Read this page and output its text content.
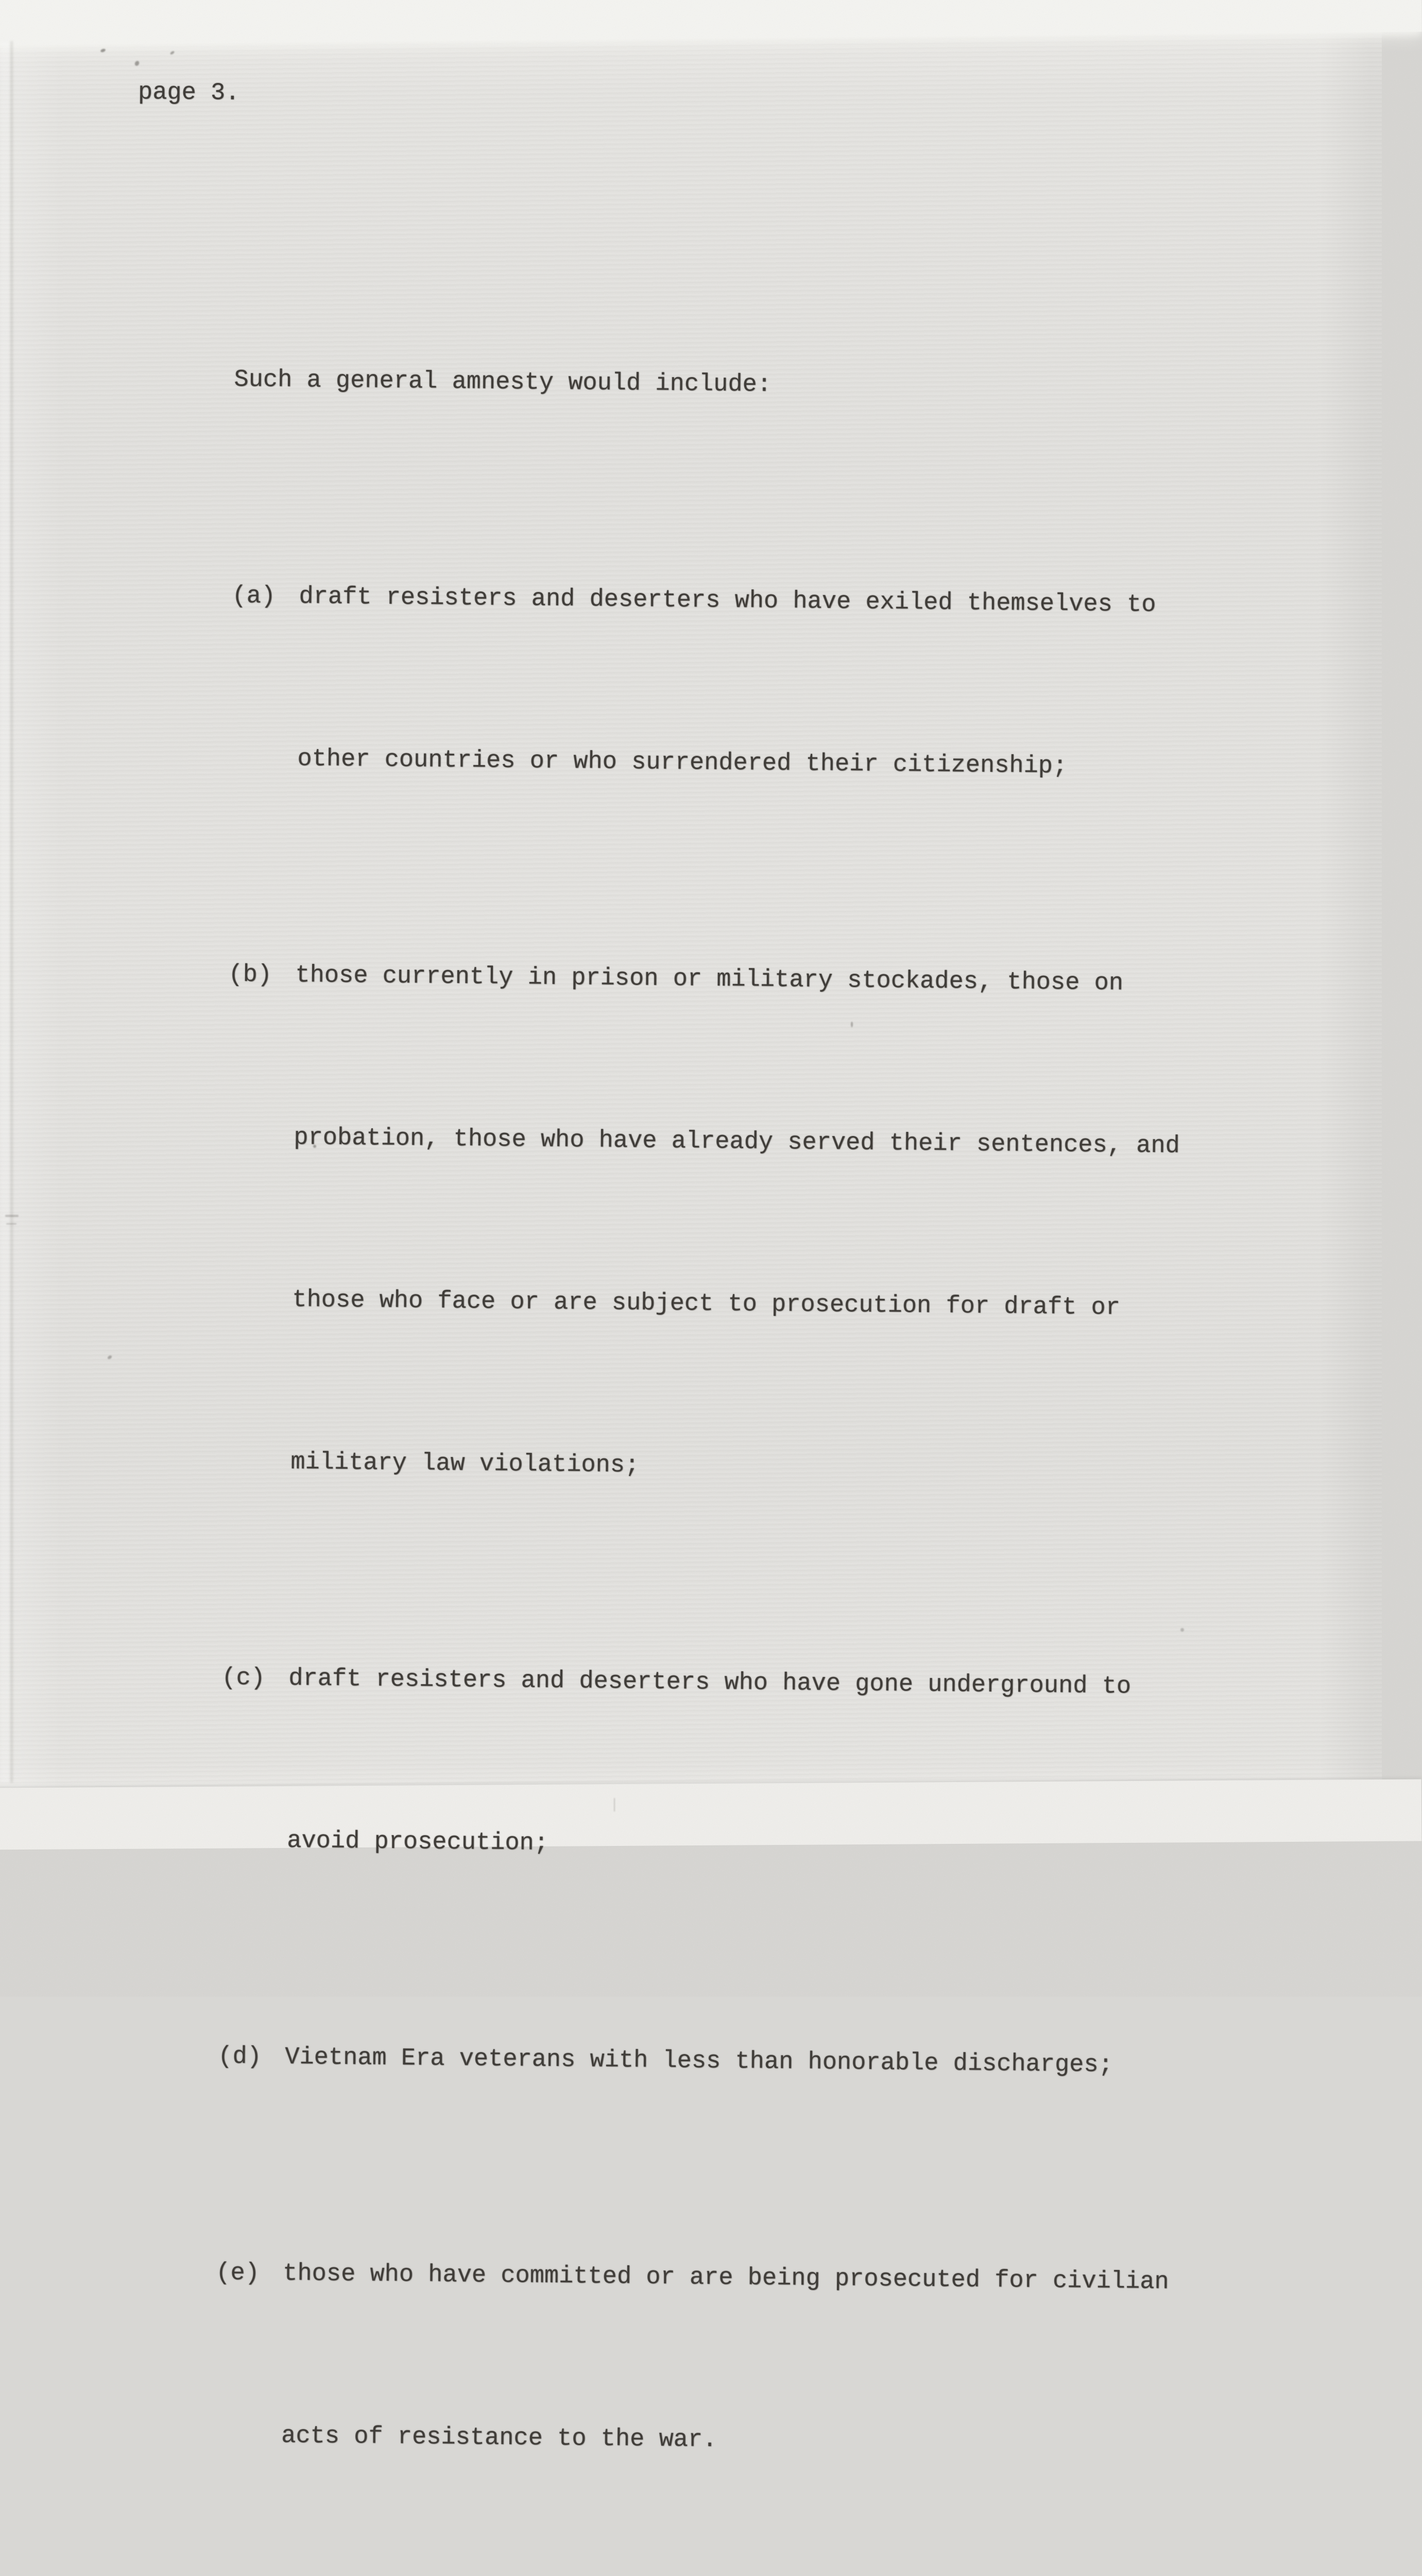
page 3.

Such a general amnesty would include:

(a) draft resisters and deserters who have exiled themselves to

other countries or who surrendered their citizenship;

(b) those currently in prison or military stockades, those on

probation, those who have already served their sentences, and

those who face or are subject to prosecution for draft or

military law violations;

(c) draft resisters and deserters who have gone underground to

avoid prosecution;

(d) Vietnam Era veterans with less than honorable discharges;

(e) those who have committed or are being prosecuted for civilian

acts of resistance to the war.
